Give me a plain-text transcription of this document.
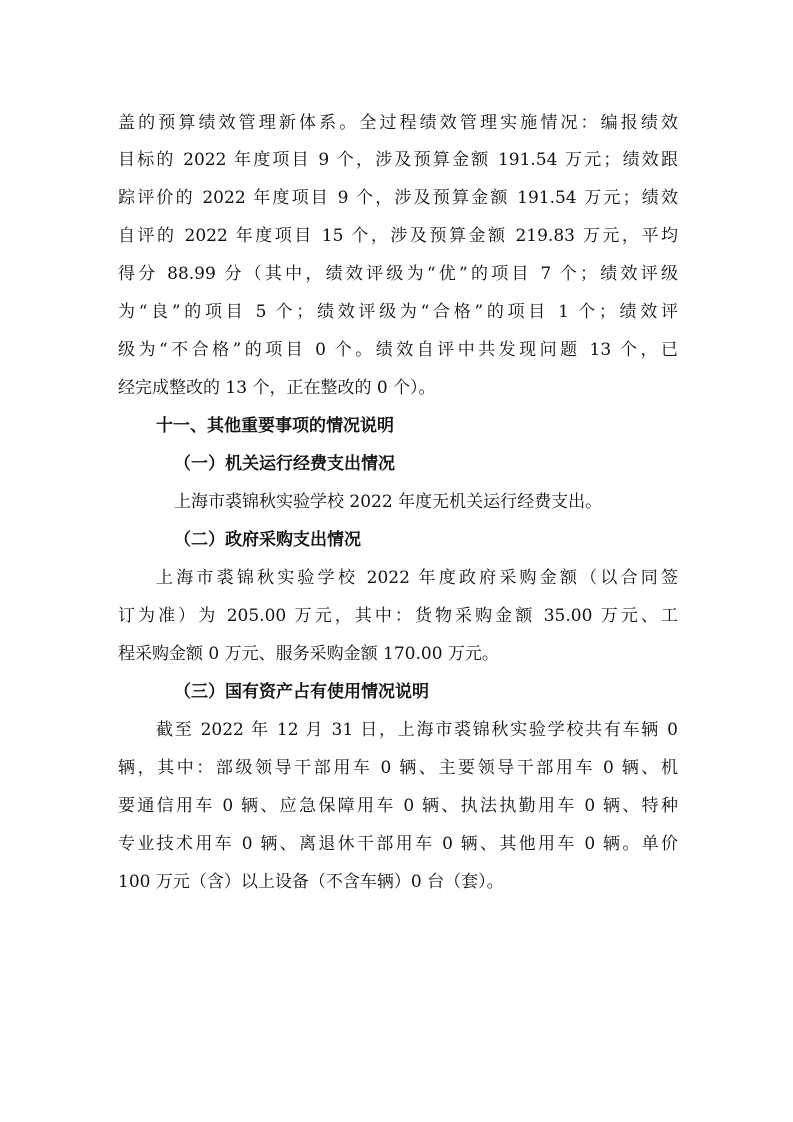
盖的预算绩效管理新体系。全过程绩效管理实施情况：编报绩效
目标的 2022 年度项目 9 个，涉及预算金额 191.54 万元；绩效跟
踪评价的 2022 年度项目 9 个，涉及预算金额 191.54 万元；绩效
自评的 2022 年度项目 15 个，涉及预算金额 219.83 万元，平均
得分 88.99 分（其中，绩效评级为“优”的项目 7 个；绩效评级
为“良”的项目 5 个；绩效评级为“合格”的项目 1 个；绩效评
级为“不合格”的项目 0 个。绩效自评中共发现问题 13 个，已
经完成整改的 13 个，正在整改的 0 个）。
十一、其他重要事项的情况说明
（一）机关运行经费支出情况
上海市裘锦秋实验学校 2022 年度无机关运行经费支出。
（二）政府采购支出情况
上海市裘锦秋实验学校 2022 年度政府采购金额（以合同签
订为准）为 205.00 万元，其中：货物采购金额 35.00 万元、工
程采购金额 0 万元、服务采购金额 170.00 万元。
（三）国有资产占有使用情况说明
截至 2022 年 12 月 31 日，上海市裘锦秋实验学校共有车辆 0
辆，其中：部级领导干部用车 0 辆、主要领导干部用车 0 辆、机
要通信用车 0 辆、应急保障用车 0 辆、执法执勤用车 0 辆、特种
专业技术用车 0 辆、离退休干部用车 0 辆、其他用车 0 辆。单价
100 万元（含）以上设备（不含车辆）0 台（套）。
